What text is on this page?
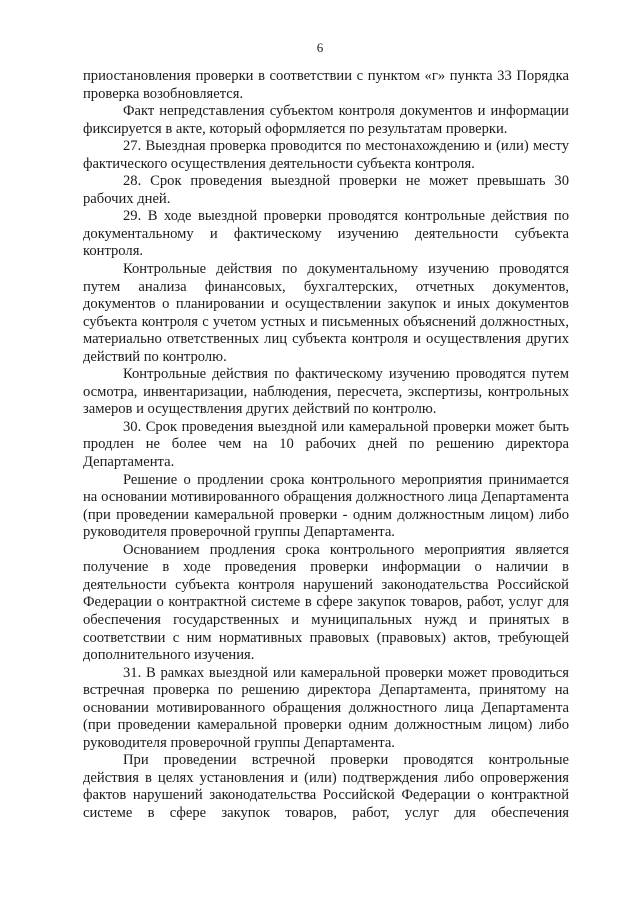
6

приостановления проверки в соответствии с пунктом «г» пункта 33 Порядка проверка возобновляется.

Факт непредставления субъектом контроля документов и информации фиксируется в акте, который оформляется по результатам проверки.

27. Выездная проверка проводится по местонахождению и (или) месту фактического осуществления деятельности субъекта контроля.

28. Срок проведения выездной проверки не может превышать 30 рабочих дней.

29. В ходе выездной проверки проводятся контрольные действия по документальному и фактическому изучению деятельности субъекта контроля.

Контрольные действия по документальному изучению проводятся путем анализа финансовых, бухгалтерских, отчетных документов, документов о планировании и осуществлении закупок и иных документов субъекта контроля с учетом устных и письменных объяснений должностных, материально ответственных лиц субъекта контроля и осуществления других действий по контролю.

Контрольные действия по фактическому изучению проводятся путем осмотра, инвентаризации, наблюдения, пересчета, экспертизы, контрольных замеров и осуществления других действий по контролю.

30. Срок проведения выездной или камеральной проверки может быть продлен не более чем на 10 рабочих дней по решению директора Департамента.

Решение о продлении срока контрольного мероприятия принимается на основании мотивированного обращения должностного лица Департамента (при проведении камеральной проверки - одним должностным лицом) либо руководителя проверочной группы Департамента.

Основанием продления срока контрольного мероприятия является получение в ходе проведения проверки информации о наличии в деятельности субъекта контроля нарушений законодательства Российской Федерации о контрактной системе в сфере закупок товаров, работ, услуг для обеспечения государственных и муниципальных нужд и принятых в соответствии с ним нормативных правовых (правовых) актов, требующей дополнительного изучения.

31. В рамках выездной или камеральной проверки может проводиться встречная проверка по решению директора Департамента, принятому на основании мотивированного обращения должностного лица Департамента (при проведении камеральной проверки одним должностным лицом) либо руководителя проверочной группы Департамента.

При проведении встречной проверки проводятся контрольные действия в целях установления и (или) подтверждения либо опровержения фактов нарушений законодательства Российской Федерации о контрактной системе в сфере закупок товаров, работ, услуг для обеспечения
